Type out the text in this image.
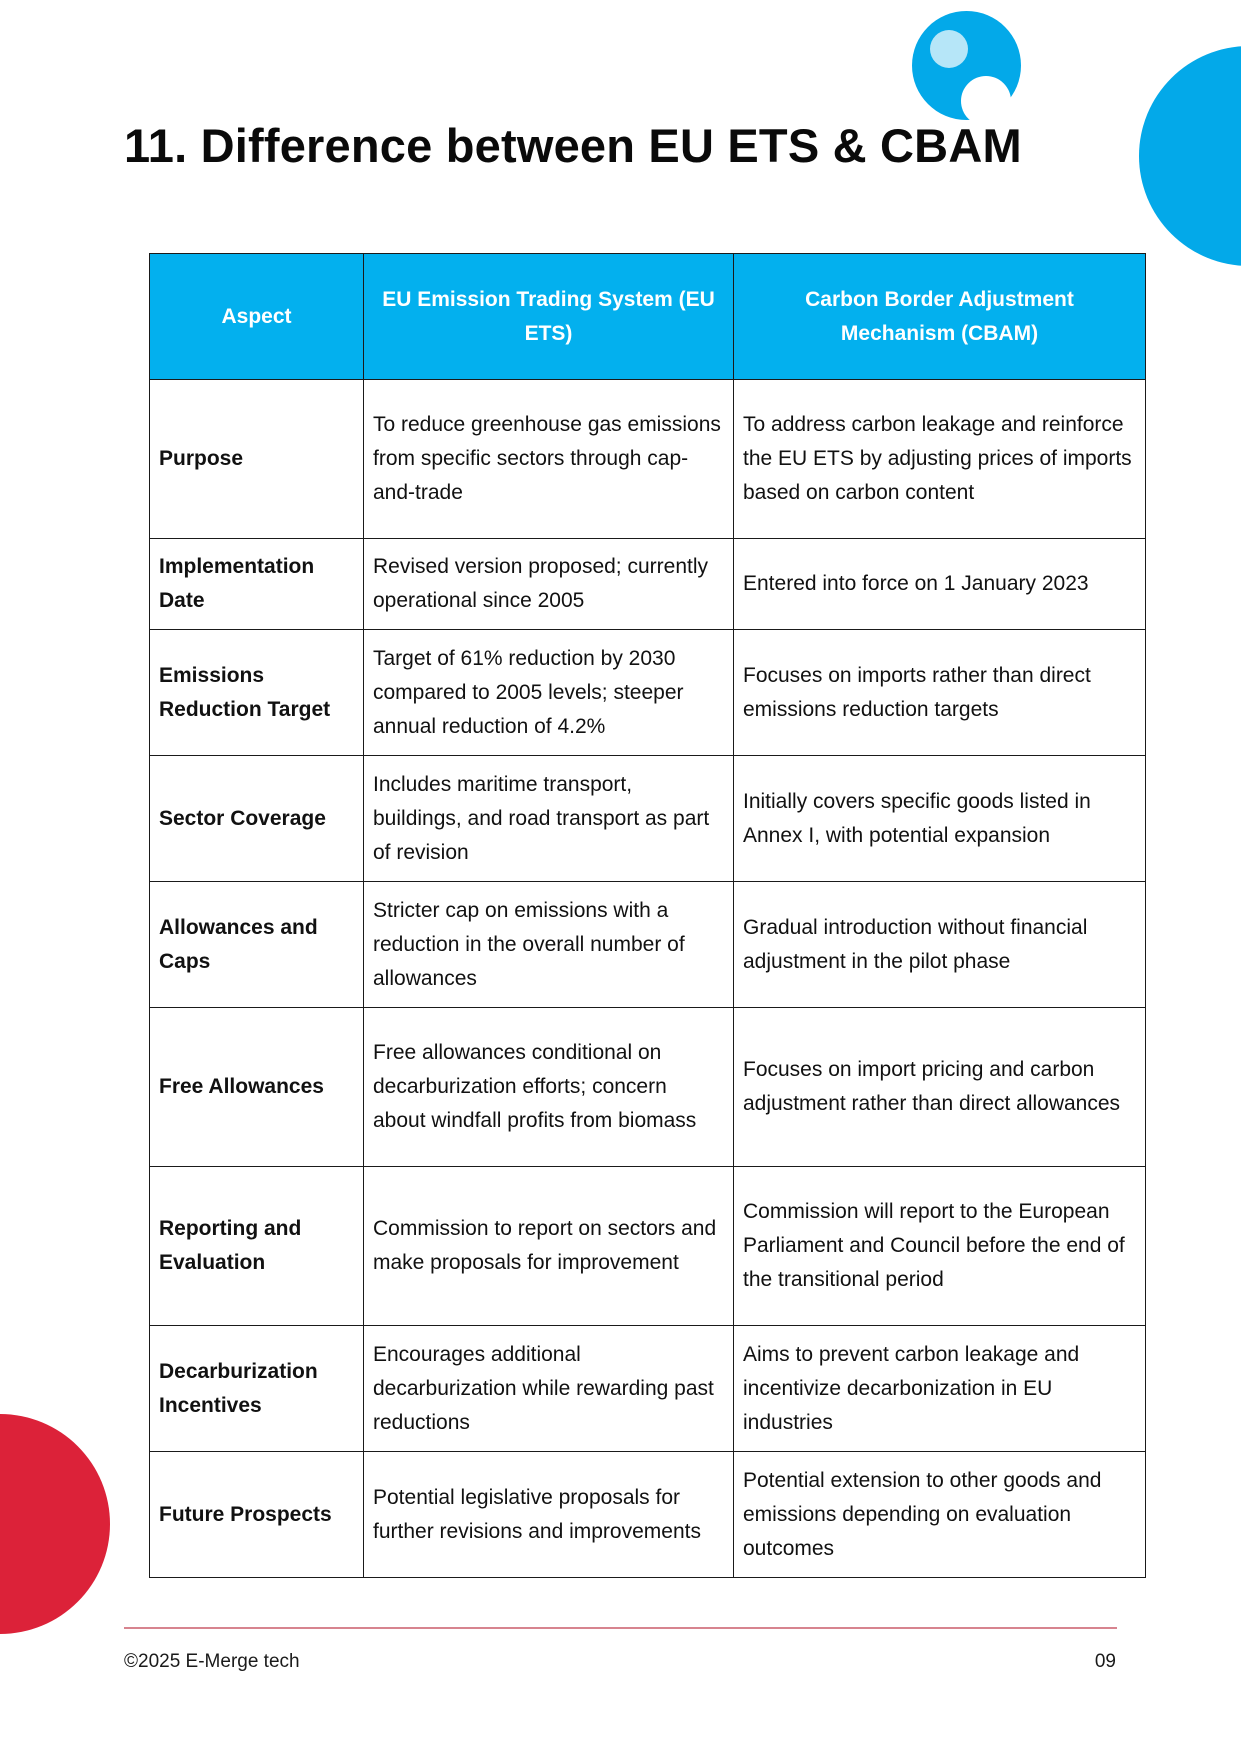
11. Difference between EU ETS & CBAM
Aspect	EU Emission Trading System (EU ETS)	Carbon Border Adjustment Mechanism (CBAM)
Purpose	To reduce greenhouse gas emissions from specific sectors through cap-and-trade	To address carbon leakage and reinforce the EU ETS by adjusting prices of imports based on carbon content
Implementation Date	Revised version proposed; currently operational since 2005	Entered into force on 1 January 2023
Emissions Reduction Target	Target of 61% reduction by 2030 compared to 2005 levels; steeper annual reduction of 4.2%	Focuses on imports rather than direct emissions reduction targets
Sector Coverage	Includes maritime transport, buildings, and road transport as part of revision	Initially covers specific goods listed in Annex I, with potential expansion
Allowances and Caps	Stricter cap on emissions with a reduction in the overall number of allowances	Gradual introduction without financial adjustment in the pilot phase
Free Allowances	Free allowances conditional on decarburization efforts; concern about windfall profits from biomass	Focuses on import pricing and carbon adjustment rather than direct allowances
Reporting and Evaluation	Commission to report on sectors and make proposals for improvement	Commission will report to the European Parliament and Council before the end of the transitional period
Decarburization Incentives	Encourages additional decarburization while rewarding past reductions	Aims to prevent carbon leakage and incentivize decarbonization in EU industries
Future Prospects	Potential legislative proposals for further revisions and improvements	Potential extension to other goods and emissions depending on evaluation outcomes
©2025 E-Merge tech	09
